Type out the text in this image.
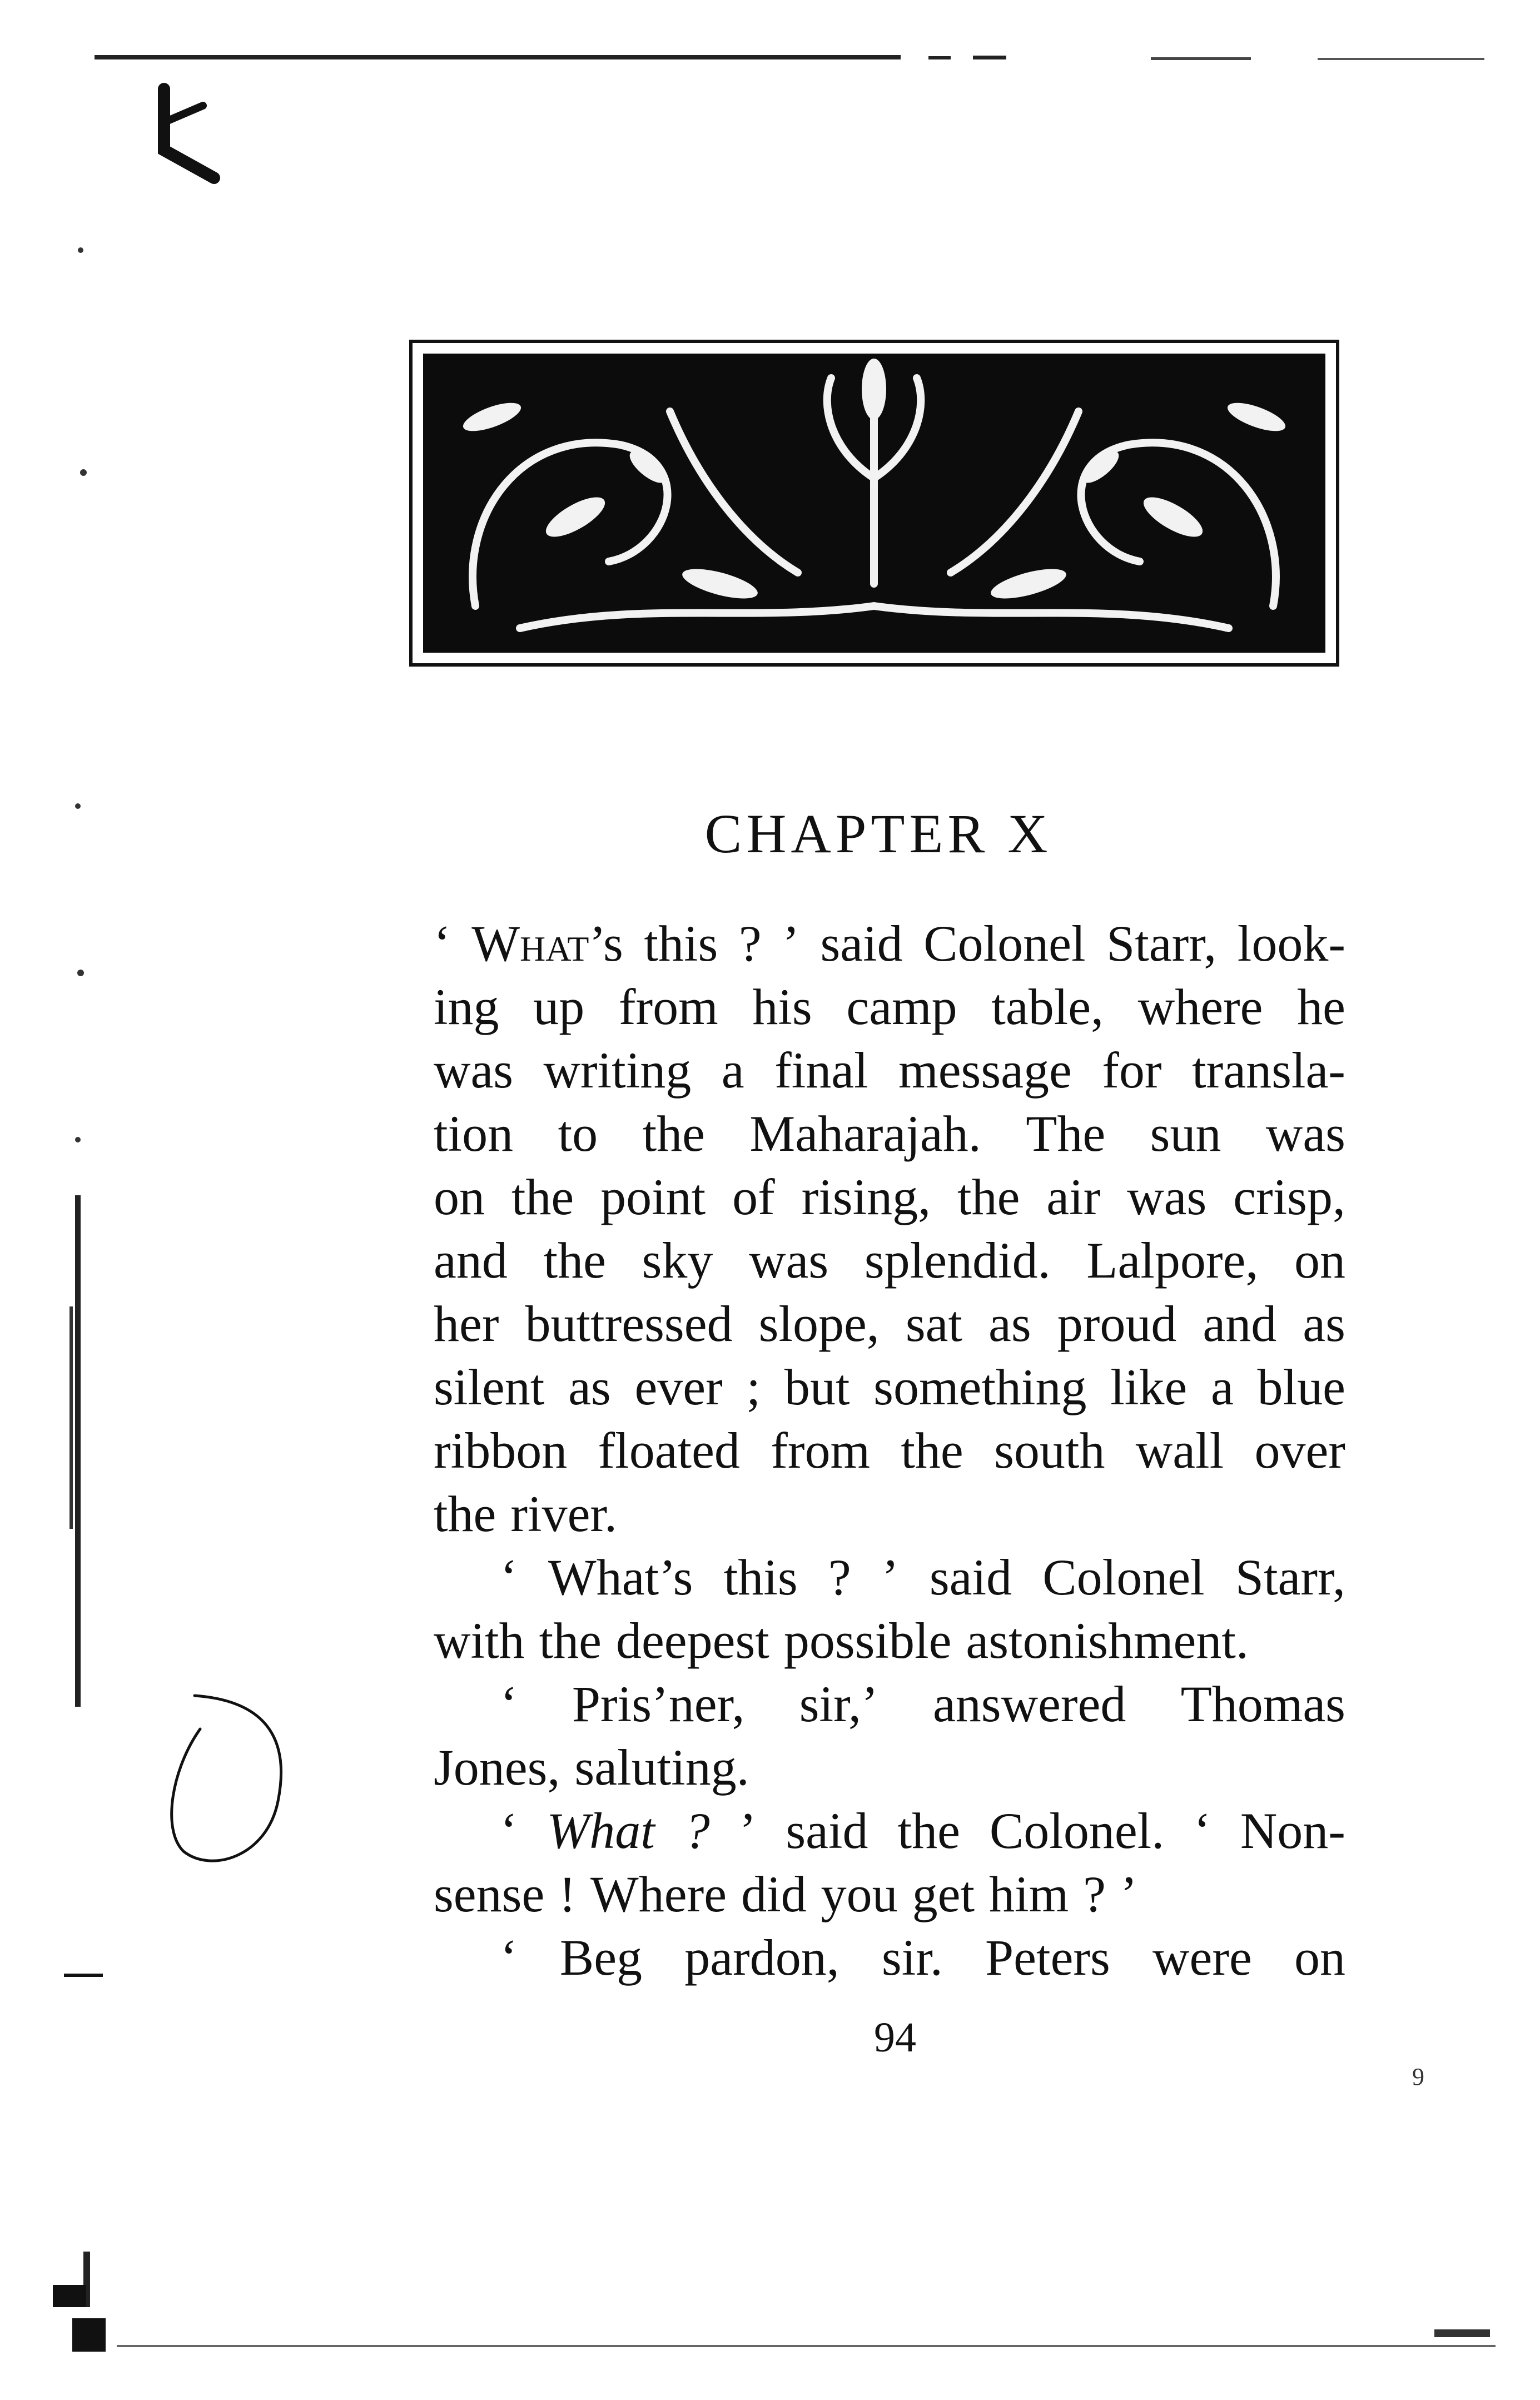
CHAPTER X
‘ What’s this ? ’ said Colonel Starr, look-
ing up from his camp table, where he
was writing a final message for transla-
tion to the Maharajah. The sun was
on the point of rising, the air was crisp,
and the sky was splendid. Lalpore, on
her buttressed slope, sat as proud and as
silent as ever ; but something like a blue
ribbon floated from the south wall over
the river.
‘ What’s this ? ’ said Colonel Starr,
with the deepest possible astonishment.
‘ Pris’ner, sir,’ answered Thomas
Jones, saluting.
‘ What ? ’ said the Colonel. ‘ Non-
sense ! Where did you get him ? ’
‘ Beg pardon, sir. Peters were on
94
9
